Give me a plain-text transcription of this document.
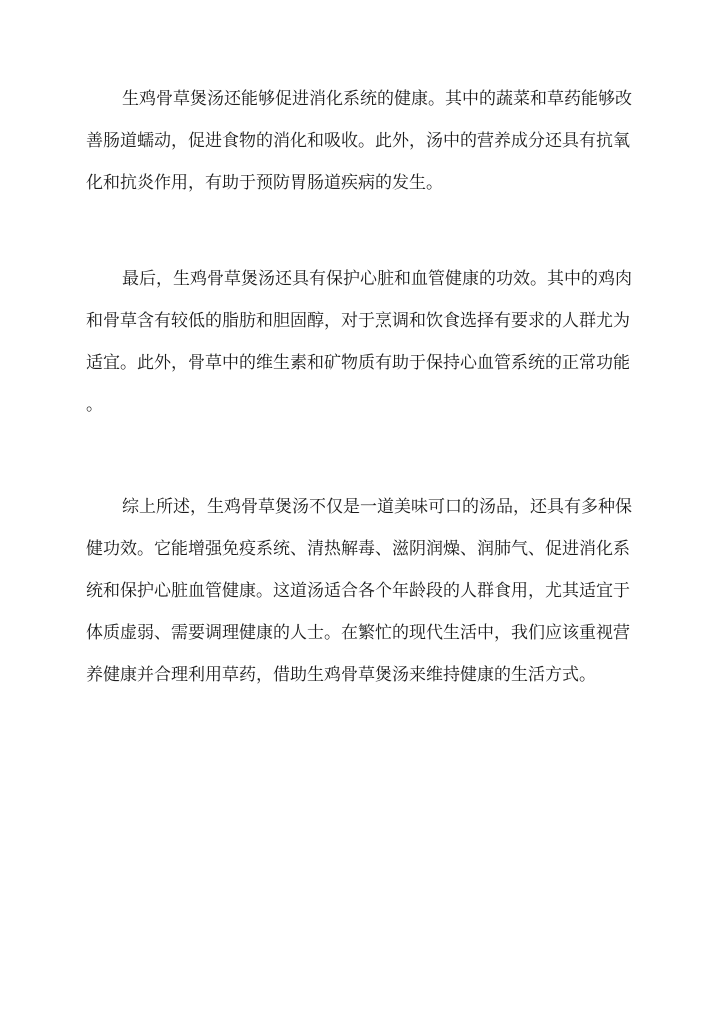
生鸡骨草煲汤还能够促进消化系统的健康。其中的蔬菜和草药能够改
善肠道蠕动，促进食物的消化和吸收。此外，汤中的营养成分还具有抗氧
化和抗炎作用，有助于预防胃肠道疾病的发生。
最后，生鸡骨草煲汤还具有保护心脏和血管健康的功效。其中的鸡肉
和骨草含有较低的脂肪和胆固醇，对于烹调和饮食选择有要求的人群尤为
适宜。此外，骨草中的维生素和矿物质有助于保持心血管系统的正常功能
。
综上所述，生鸡骨草煲汤不仅是一道美味可口的汤品，还具有多种保
健功效。它能增强免疫系统、清热解毒、滋阴润燥、润肺气、促进消化系
统和保护心脏血管健康。这道汤适合各个年龄段的人群食用，尤其适宜于
体质虚弱、需要调理健康的人士。在繁忙的现代生活中，我们应该重视营
养健康并合理利用草药，借助生鸡骨草煲汤来维持健康的生活方式。
